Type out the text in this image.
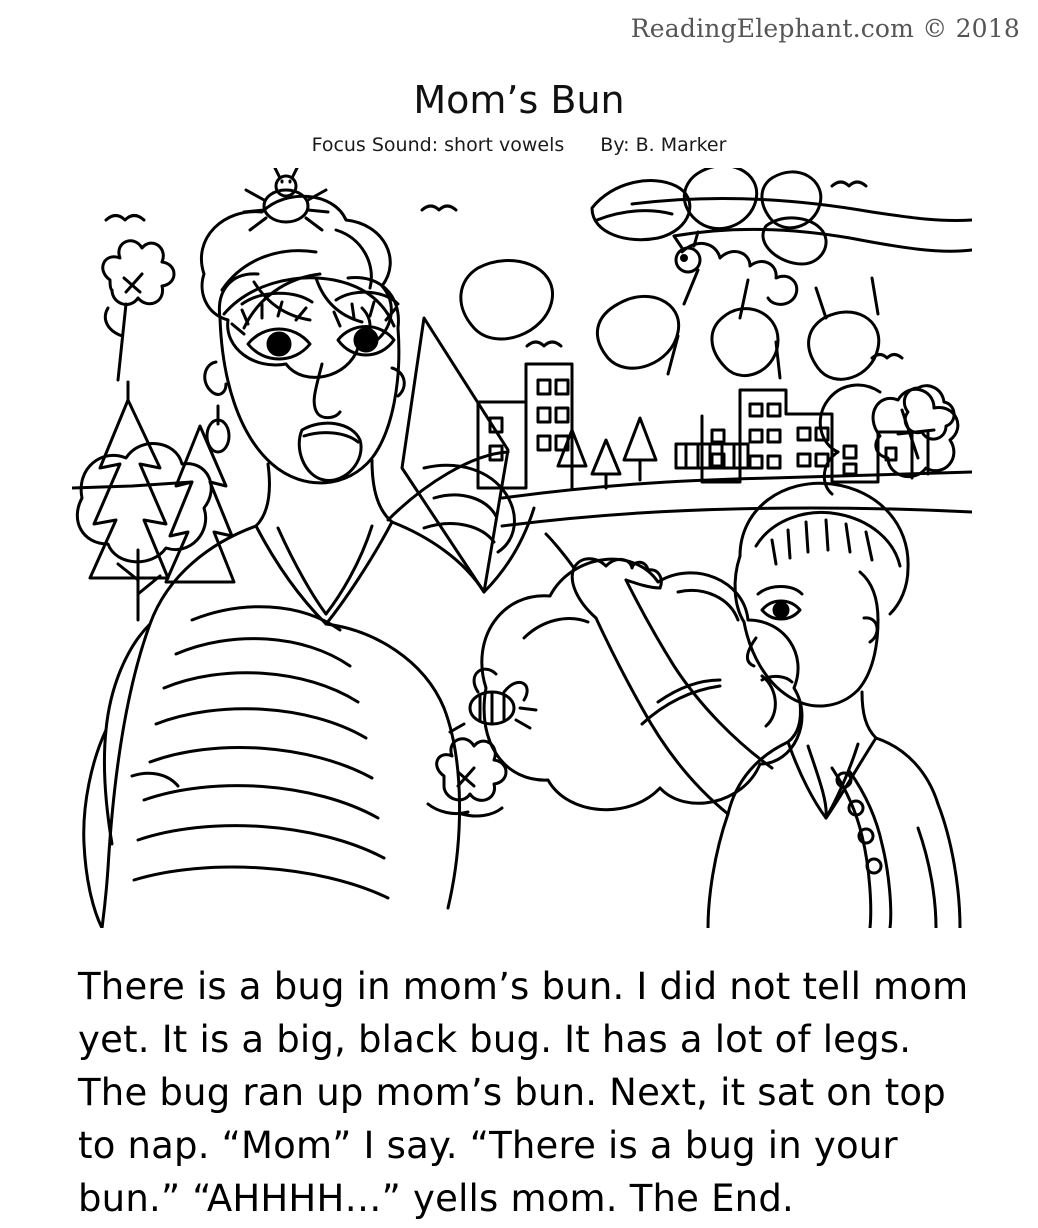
ReadingElephant.com © 2018
Mom’s Bun
Focus Sound: short vowels By: B. Marker
There is a bug in mom’s bun. I did not tell mom yet. It is a big, black bug. It has a lot of legs. The bug ran up mom’s bun. Next, it sat on top to nap. “Mom” I say. “There is a bug in your bun.” “AHHHH…” yells mom. The End.
